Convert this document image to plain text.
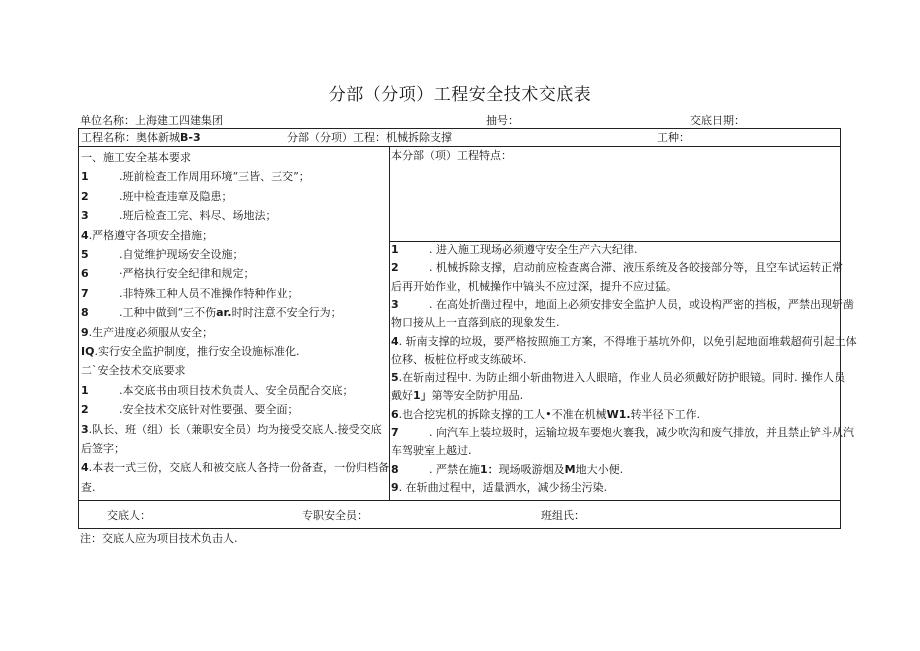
分部（分项）工程安全技术交底表
单位名称：上海建工四建集团	抽号：	交底日期：
工程名称：奥体新城B-3	分部（分项）工程：机械拆除支撑	工种：
一、施工安全基本要求
1	.班前检查工作周用环境“三皆、三交”；
2	.班中检查违章及隐患；
3	.班后检查工完、料尽、场地法；
4.严格遵守各项安全措施；
5	.自觉维护现场安全设施；
6	·严格执行安全纪律和规定；
7	.非特殊工种人员不准操作特种作业；
8	.工种中做到“三不伤ar.时时注意不安全行为；
9.生产进度必须服从安全；
IQ.实行安全监护制度，推行安全设施标准化.
二`安全技术交底要求
1	.本交底书由项目技术负责人、安全员配合交底；
2	.安全技术交底针对性要强、要全面；
3.队长、班（组）长（兼职安全员）均为接受交底人.接受交底
后签字；
4.本表一式三份，交底人和被交底人各持一份备查，一份归档备
查.
本分部（项）工程特点：
1	. 进入施工现场必须遵守安全生产六大纪律.
2	. 机械拆除支撑，启动前应检查离合滞、液压系统及各皎接部分等，且空车试运转正常
后再开始作业，机械操作中镐头不应过深，提升不应过猛。
3	. 在高处折凿过程中，地面上必须安排安全监护人员，或设构严密的挡板，严禁出现斩凿
物口接从上一直落到底的现象发生.
4. 斩南支撑的垃圾，要严格按照施工方案，不得堆于基坑外仰，以免引起地面堆载超荷引起土体
位移、板桩位杼或支练破坏.
5.在斩南过程中. 为防止细小斩曲物进入人眼暗，作业人员必须戴好防护眼镜。同时. 操作人员
戴好1」第等安全防护用品.
6.也合挖宪机的拆除支撑的工人•不准在机械W1.转半径下工作.
7	. 向汽车上装垃圾时，运输垃圾车要炮火褰我，减少吹沟和废气排放，并且禁止铲斗从汽
车驾驶室上越过.
8	. 严禁在施1：现场吸游烟及M地大小便.
9. 在斩曲过程中，适量洒水，减少扬尘污染.
交底人：	专职安全员：	班组氏：
注：交底人应为项目技术负击人.
